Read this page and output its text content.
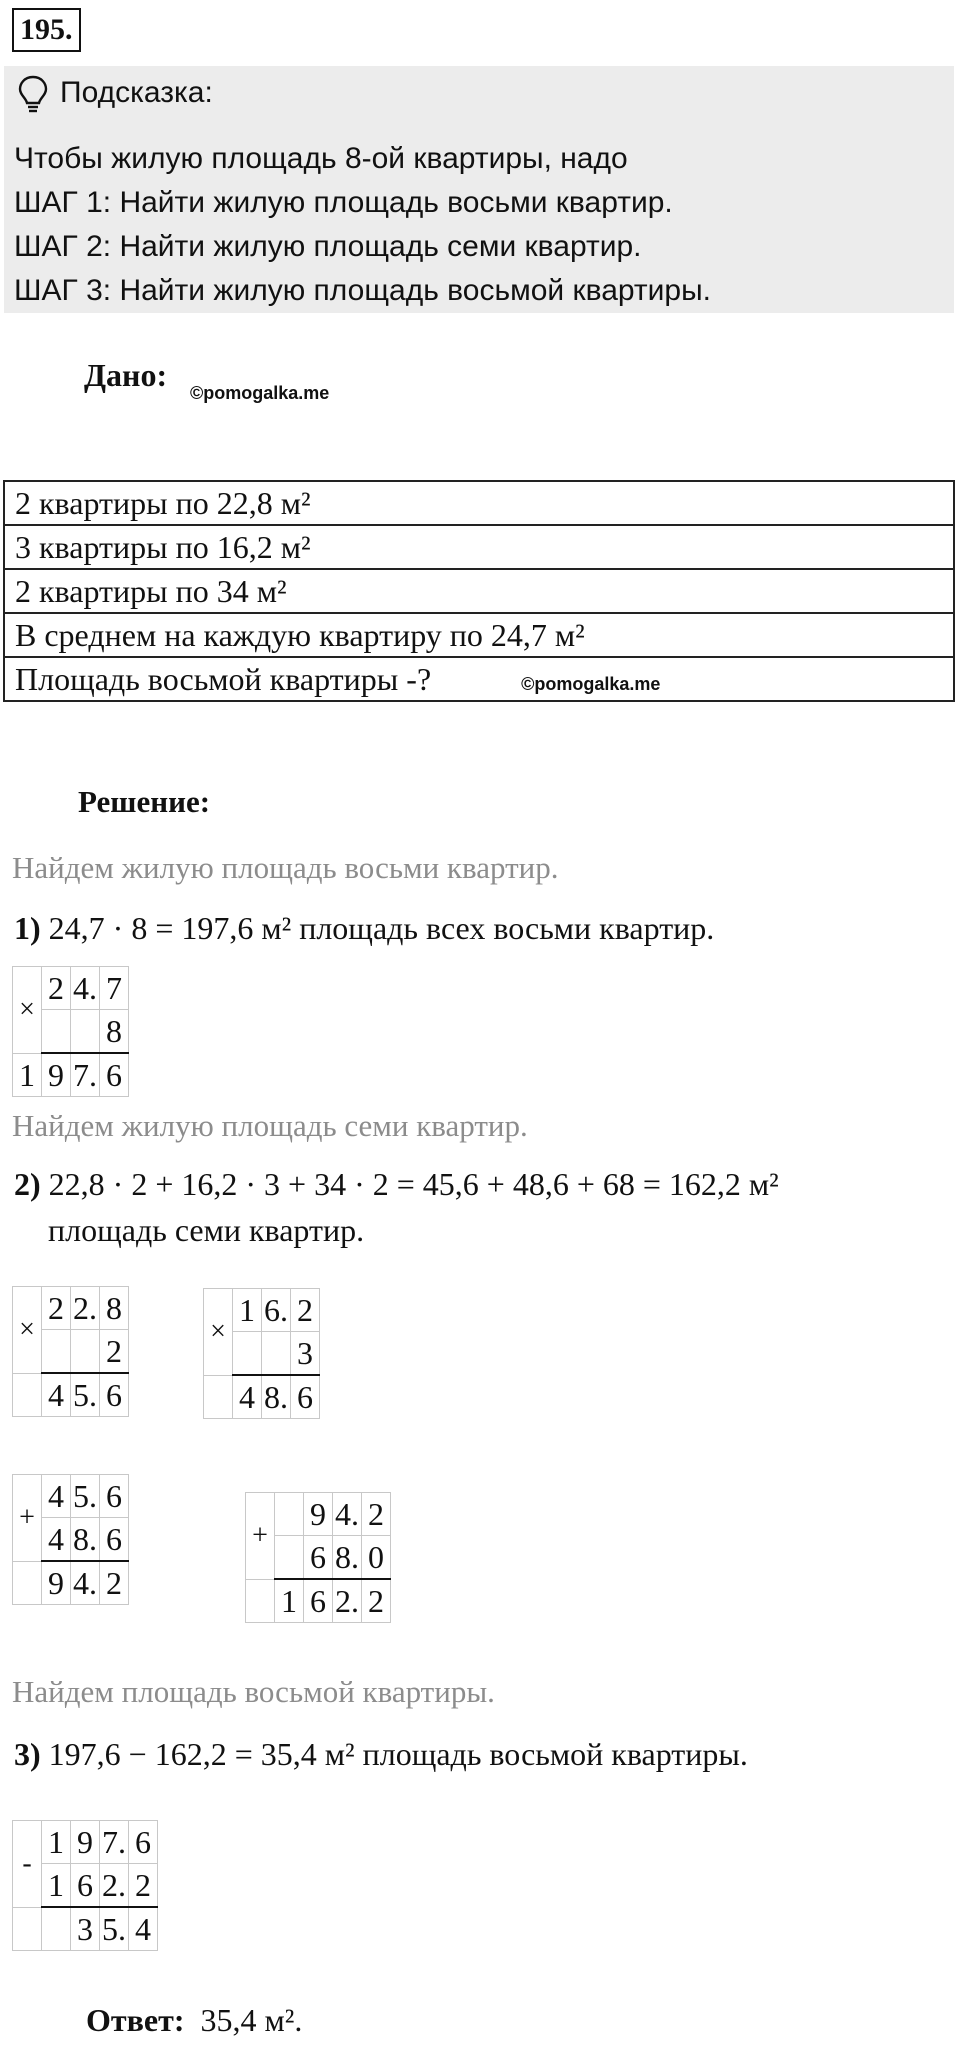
195.
Подсказка:
Чтобы жилую площадь 8-ой квартиры, надо
ШАГ 1: Найти жилую площадь восьми квартир.
ШАГ 2: Найти жилую площадь семи квартир.
ШАГ 3: Найти жилую площадь восьмой квартиры.
Дано: ©pomogalka.me
2 квартиры по 22,8 м²
3 квартиры по 16,2 м²
2 квартиры по 34 м²
В среднем на каждую квартиру по 24,7 м²
Площадь восьмой квартиры -?	©pomogalka.me
Решение:
Найдем жилую площадь восьми квартир.
1) 24,7 · 8 = 197,6 м² площадь всех восьми квартир.
×	2	4.	7
			8
1	9	7.	6
Найдем жилую площадь семи квартир.
2) 22,8 · 2 + 16,2 · 3 + 34 · 2 = 45,6 + 48,6 + 68 = 162,2 м²
площадь семи квартир.
×	2	2.	8
			2
	4	5.	6
×	1	6.	2
			3
	4	8.	6
+	4	5.	6
	4	8.	6
	9	4.	2
+		9	4.	2
		6	8.	0
	1	6	2.	2
Найдем площадь восьмой квартиры.
3) 197,6 − 162,2 = 35,4 м² площадь восьмой квартиры.
-	1	9	7.	6
	1	6	2.	2
		3	5.	4
Ответ: 35,4 м².
